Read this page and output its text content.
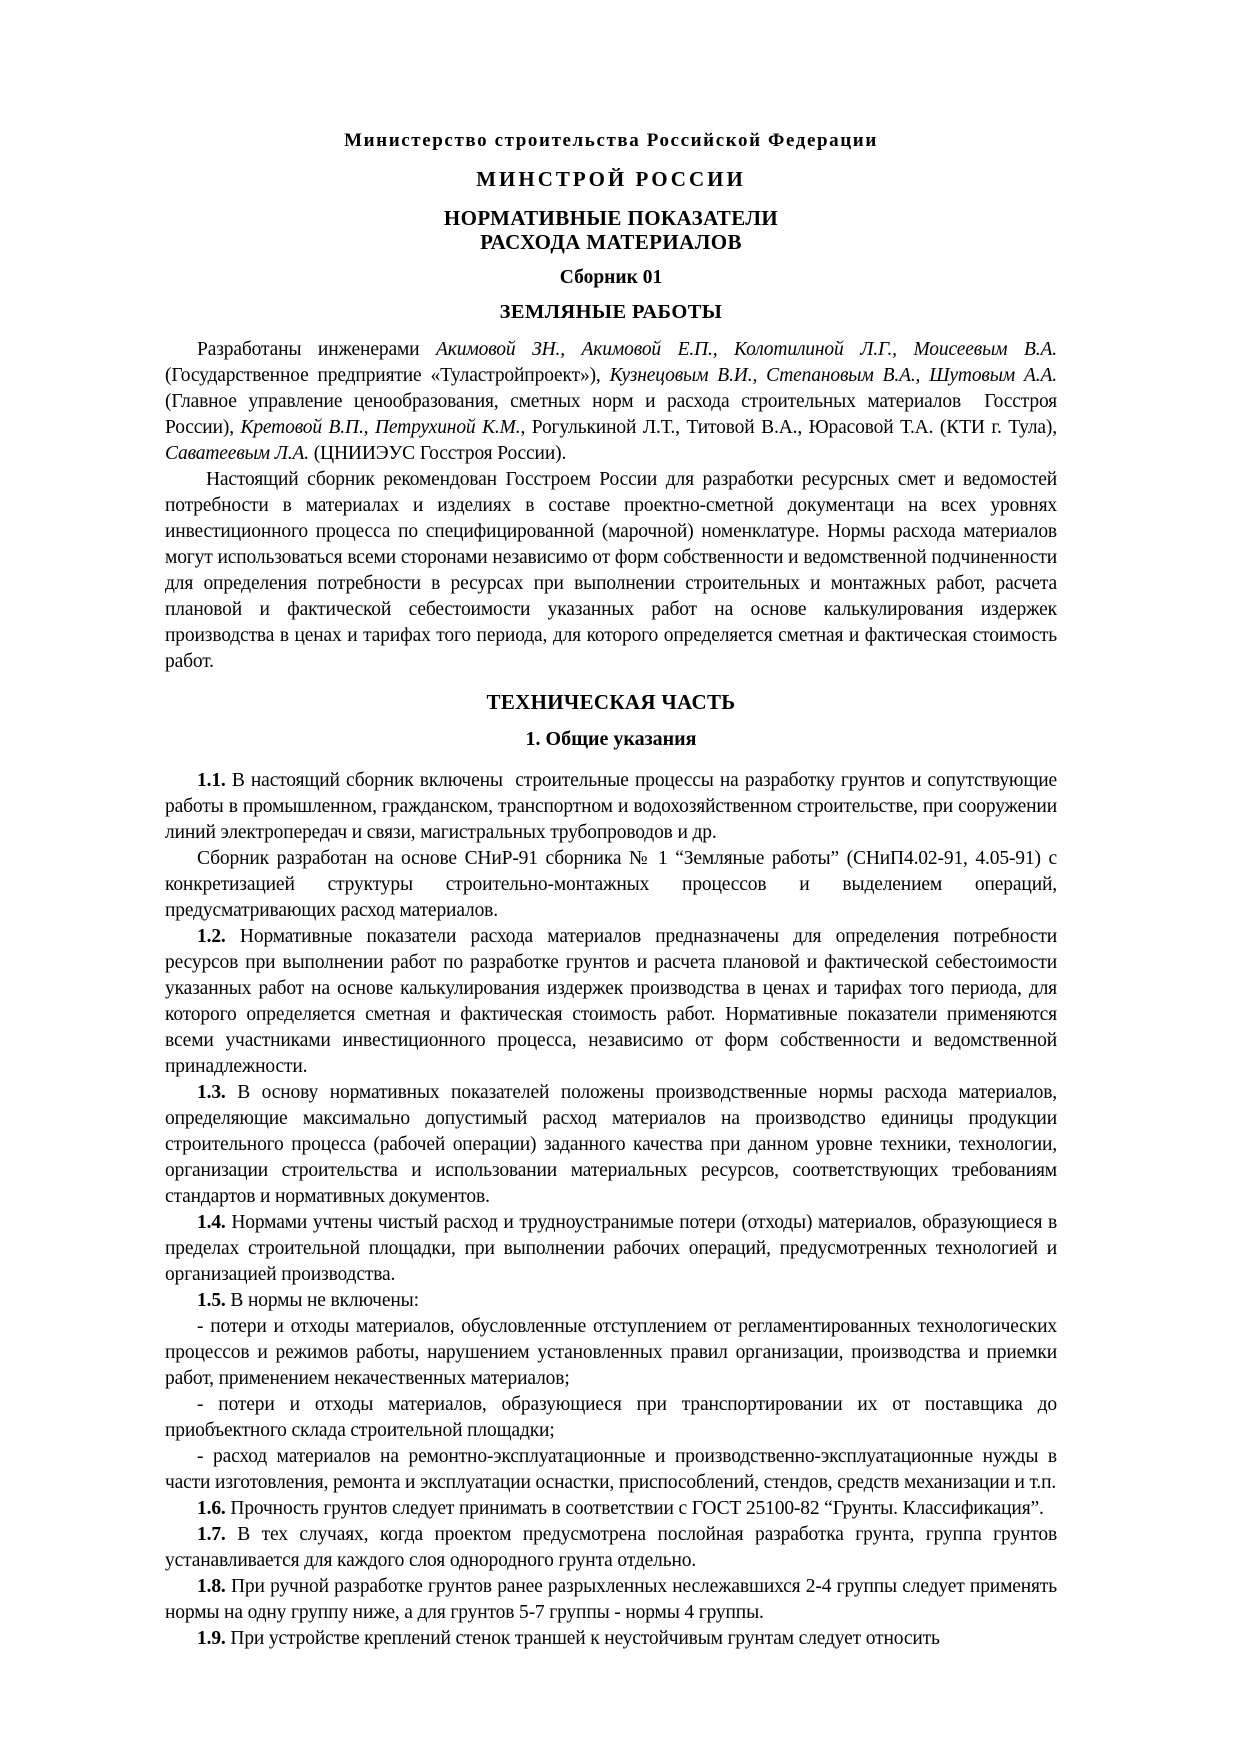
Министерство строительства Российской Федерации

МИНСТРОЙ РОССИИ

НОРМАТИВНЫЕ ПОКАЗАТЕЛИ
РАСХОДА МАТЕРИАЛОВ

Сборник 01

ЗЕМЛЯНЫЕ РАБОТЫ

Разработаны инженерами Акимовой ЗН., Акимовой Е.П., Колотилиной Л.Г., Моисеевым В.А. (Государственное предприятие «Туластройпроект»), Кузнецовым В.И., Степановым В.А., Шутовым А.А. (Главное управление ценообразования, сметных норм и расхода строительных материалов  Госстроя России), Кретовой В.П., Петрухиной К.М., Рогулькиной Л.Т., Титовой В.А., Юрасовой Т.А. (КТИ г. Тула), Саватеевым Л.А. (ЦНИИЭУС Госстроя России).

Настоящий сборник рекомендован Госстроем России для разработки ресурсных смет и ведомостей потребности в материалах и изделиях в составе проектно-сметной документаци на всех уровнях инвестиционного процесса по специфицированной (марочной) номенклатуре. Нормы расхода материалов могут использоваться всеми сторонами независимо от форм собственности и ведомственной подчиненности для определения потребности в ресурсах при выполнении строительных и монтажных работ, расчета плановой и фактической себестоимости указанных работ на основе калькулирования издержек производства в ценах и тарифах того периода, для которого определяется сметная и фактическая стоимость работ.

ТЕХНИЧЕСКАЯ ЧАСТЬ
1. Общие указания

1.1. В настоящий сборник включены  строительные процессы на разработку грунтов и сопутствующие работы в промышленном, гражданском, транспортном и водохозяйственном строительстве, при сооружении линий электропередач и связи, магистральных трубопроводов и др.

Сборник разработан на основе СНиР-91 сборника № 1 “Земляные работы” (СНиП4.02-91, 4.05-91) с конкретизацией структуры строительно-монтажных процессов и выделением операций, предусматривающих расход материалов.

1.2. Нормативные показатели расхода материалов предназначены для определения потребности ресурсов при выполнении работ по разработке грунтов и расчета плановой и фактической себестоимости указанных работ на основе калькулирования издержек производства в ценах и тарифах того периода, для которого определяется сметная и фактическая стоимость работ. Нормативные показатели применяются всеми участниками инвестиционного процесса, независимо от форм собственности и ведомственной принадлежности.

1.3. В основу нормативных показателей положены производственные нормы расхода материалов, определяющие максимально допустимый расход материалов на производство единицы продукции строительного процесса (рабочей операции) заданного качества при данном уровне техники, технологии, организации строительства и использовании материальных ресурсов, соответствующих требованиям стандартов и нормативных документов.

1.4. Нормами учтены чистый расход и трудноустранимые потери (отходы) материалов, образующиеся в пределах строительной площадки, при выполнении рабочих операций, предусмотренных технологией и организацией производства.

1.5. В нормы не включены:

- потери и отходы материалов, обусловленные отступлением от регламентированных технологических процессов и режимов работы, нарушением установленных правил организации, производства и приемки работ, применением некачественных материалов;

- потери и отходы материалов, образующиеся при транспортировании их от поставщика до приобъектного склада строительной площадки;

- расход материалов на ремонтно-эксплуатационные и производственно-эксплуатационные нужды в части изготовления, ремонта и эксплуатации оснастки, приспособлений, стендов, средств механизации и т.п.

1.6. Прочность грунтов следует принимать в соответствии с ГОСТ 25100-82 “Грунты. Классификация”.

1.7. В тех случаях, когда проектом предусмотрена послойная разработка грунта, группа грунтов устанавливается для каждого слоя однородного грунта отдельно.

1.8. При ручной разработке грунтов ранее разрыхленных неслежавшихся 2-4 группы следует применять нормы на одну группу ниже, а для грунтов 5-7 группы - нормы 4 группы.

1.9. При устройстве креплений стенок траншей к неустойчивым грунтам следует относить
